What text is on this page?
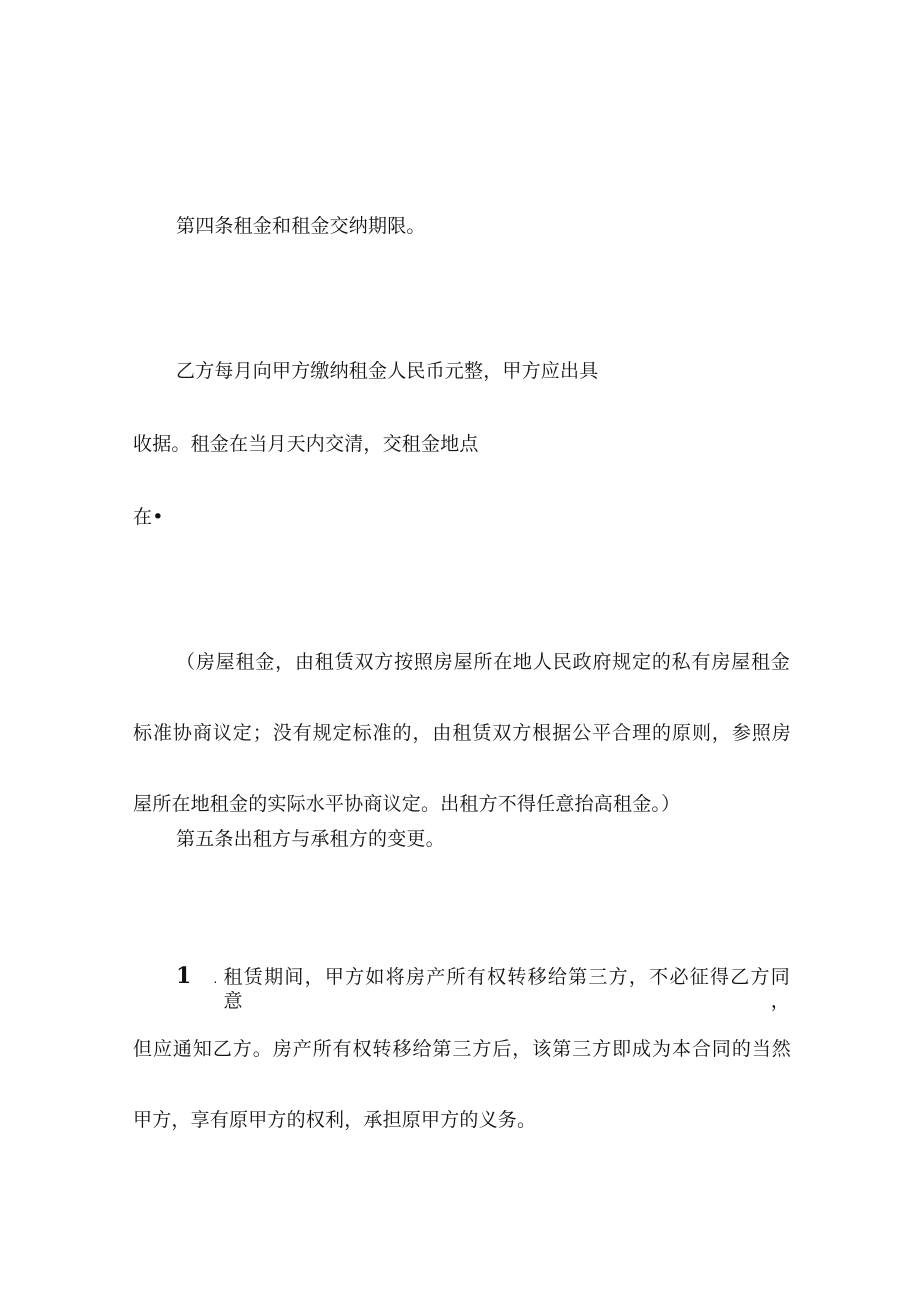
第四条租金和租金交纳期限。
乙方每月向甲方缴纳租金人民币元整，甲方应出具
收据。租金在当月天内交清，交租金地点
在•
（房屋租金，由租赁双方按照房屋所在地人民政府规定的私有房屋租金
标准协商议定；没有规定标准的，由租赁双方根据公平合理的原则，参照房
屋所在地租金的实际水平协商议定。出租方不得任意抬高租金。）
第五条出租方与承租方的变更。
1 . 租赁期间，甲方如将房产所有权转移给第三方，不必征得乙方同意，
但应通知乙方。房产所有权转移给第三方后，该第三方即成为本合同的当然
甲方，享有原甲方的权利，承担原甲方的义务。
